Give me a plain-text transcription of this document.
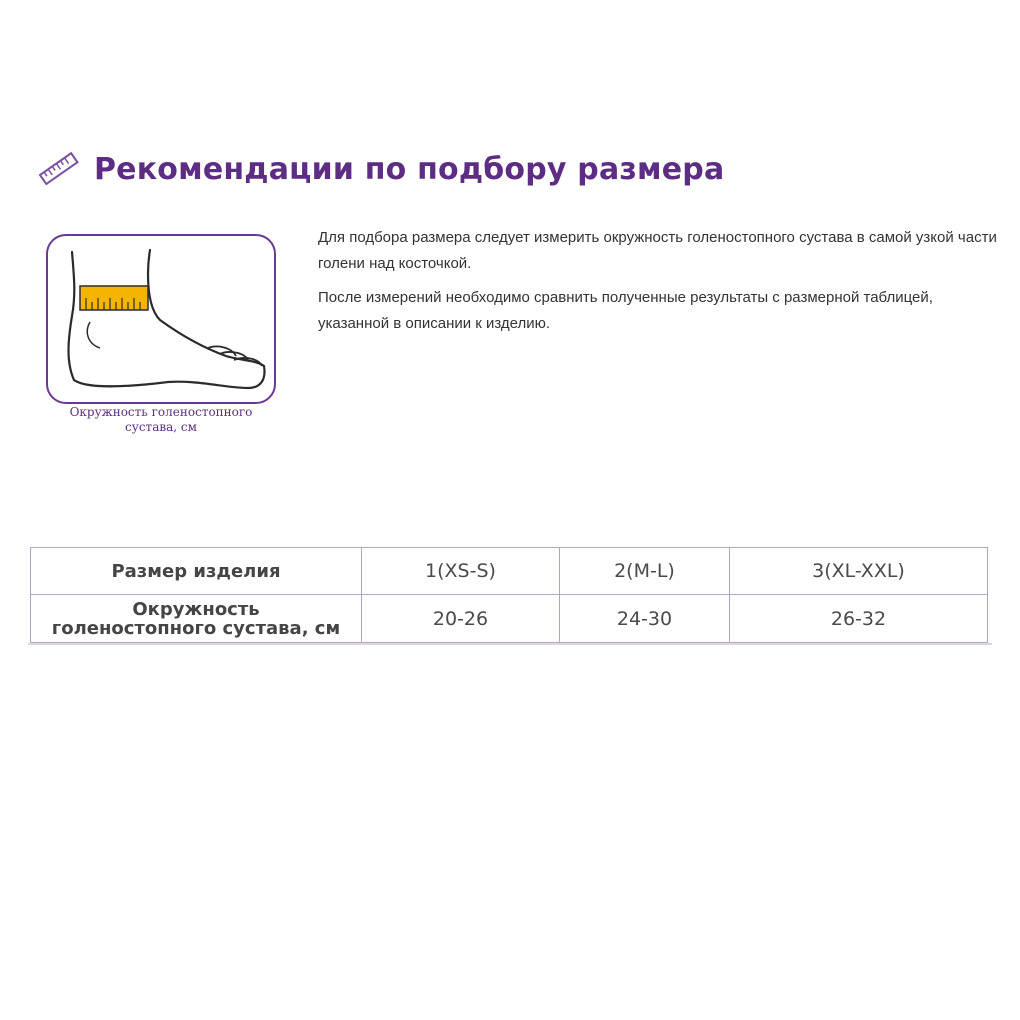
Рекомендации по подбору размера
Окружность голеностопного
сустава, см

Для подбора размера следует измерить окружность голеностопного сустава в самой узкой части голени над косточкой.

После измерений необходимо сравнить полученные результаты с размерной таблицей, указанной в описании к изделию.

Размер изделия	1(XS-S)	2(M-L)	3(XL-XXL)

Окружность
голеностопного сустава, см	20-26	24-30	26-32
